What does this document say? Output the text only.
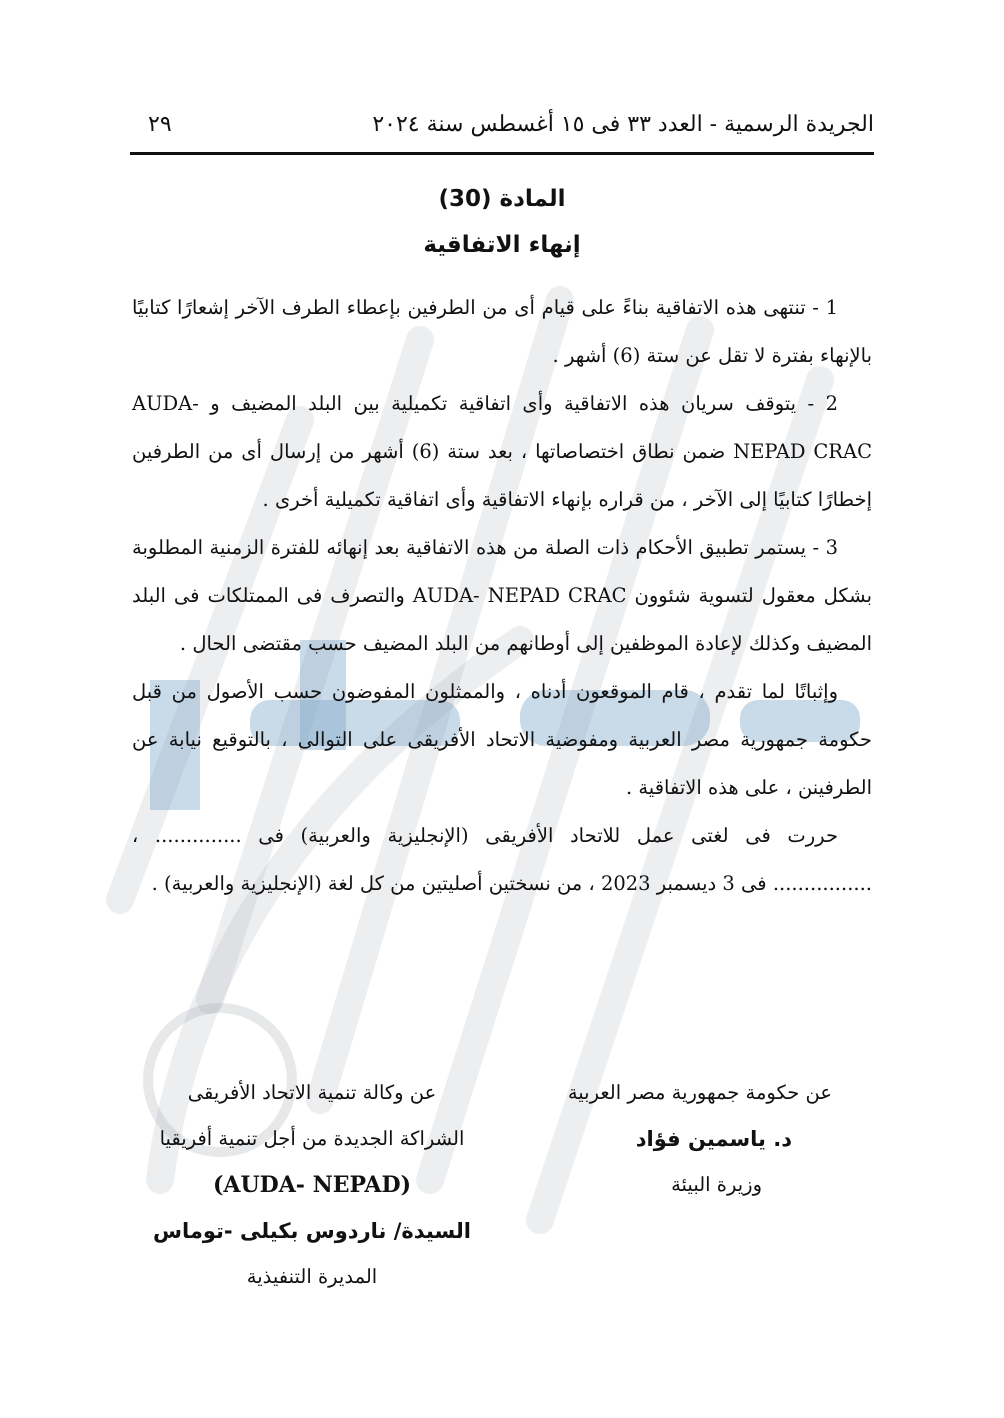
الجريدة الرسمية - العدد ٣٣ فى ١٥ أغسطس سنة ٢٠٢٤
٢٩
المادة (30)
إنهاء الاتفاقية

1 - تنتهى هذه الاتفاقية بناءً على قيام أى من الطرفين بإعطاء الطرف الآخر إشعارًا كتابيًا بالإنهاء بفترة لا تقل عن ستة (6) أشهر .

2 - يتوقف سريان هذه الاتفاقية وأى اتفاقية تكميلية بين البلد المضيف و AUDA- NEPAD CRAC ضمن نطاق اختصاصاتها ، بعد ستة (6) أشهر من إرسال أى من الطرفين إخطارًا كتابيًا إلى الآخر ، من قراره بإنهاء الاتفاقية وأى اتفاقية تكميلية أخرى .

3 - يستمر تطبيق الأحكام ذات الصلة من هذه الاتفاقية بعد إنهائه للفترة الزمنية المطلوبة بشكل معقول لتسوية شئوون AUDA- NEPAD CRAC والتصرف فى الممتلكات فى البلد المضيف وكذلك لإعادة الموظفين إلى أوطانهم من البلد المضيف حسب مقتضى الحال .

وإثباتًا لما تقدم ، قام الموقعون أدناه ، والممثلون المفوضون حسب الأصول من قبل حكومة جمهورية مصر العربية ومفوضية الاتحاد الأفريقى على التوالى ، بالتوقيع نيابة عن الطرفينن ، على هذه الاتفاقية .

حررت فى لغتى عمل للاتحاد الأفريقى (الإنجليزية والعربية) فى .............. ، ................ فى 3 ديسمبر 2023 ، من نسختين أصليتين من كل لغة (الإنجليزية والعربية) .

عن حكومة جمهورية مصر العربية
د. ياسمين فؤاد
وزيرة البيئة
عن وكالة تنمية الاتحاد الأفريقى
الشراكة الجديدة من أجل تنمية أفريقيا
(AUDA- NEPAD)
السيدة/ ناردوس بكيلى -توماس
المديرة التنفيذية
